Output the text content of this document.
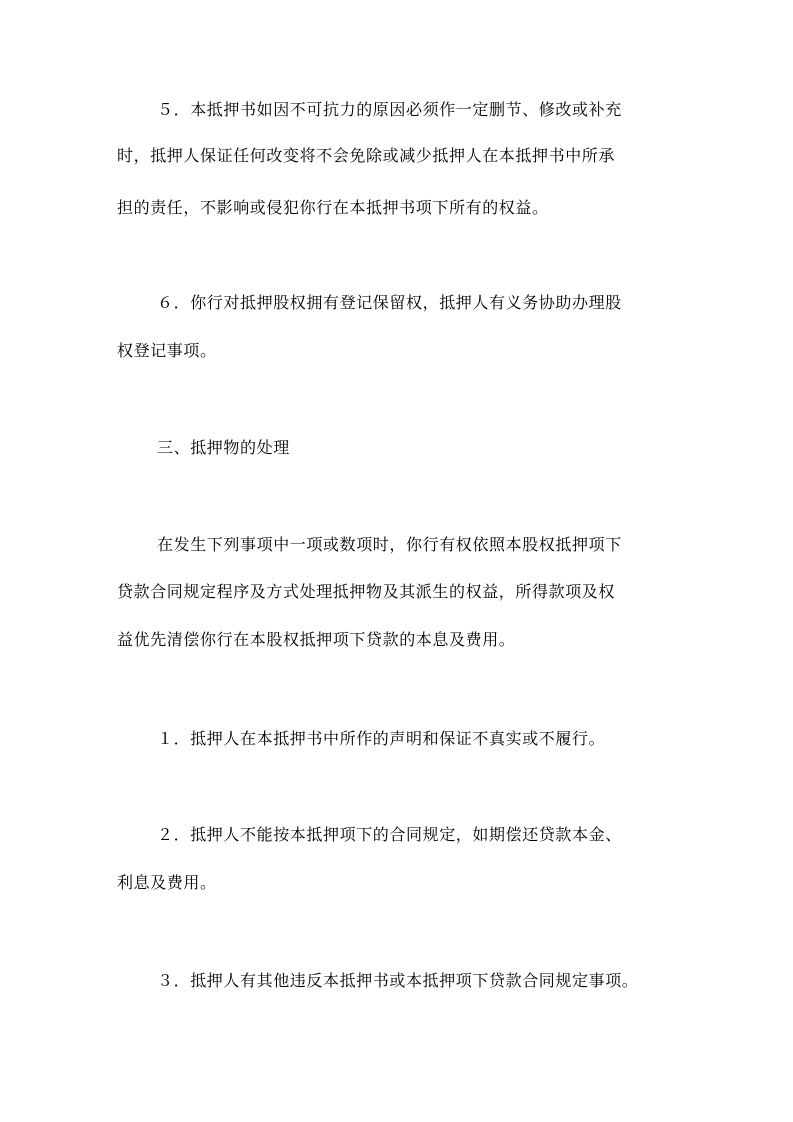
５．本抵押书如因不可抗力的原因必须作一定删节、修改或补充
时，抵押人保证任何改变将不会免除或减少抵押人在本抵押书中所承
担的责任，不影响或侵犯你行在本抵押书项下所有的权益。
６．你行对抵押股权拥有登记保留权，抵押人有义务协助办理股
权登记事项。
三、抵押物的处理
在发生下列事项中一项或数项时，你行有权依照本股权抵押项下
贷款合同规定程序及方式处理抵押物及其派生的权益，所得款项及权
益优先清偿你行在本股权抵押项下贷款的本息及费用。
１．抵押人在本抵押书中所作的声明和保证不真实或不履行。
２．抵押人不能按本抵押项下的合同规定，如期偿还贷款本金、
利息及费用。
３．抵押人有其他违反本抵押书或本抵押项下贷款合同规定事项。
